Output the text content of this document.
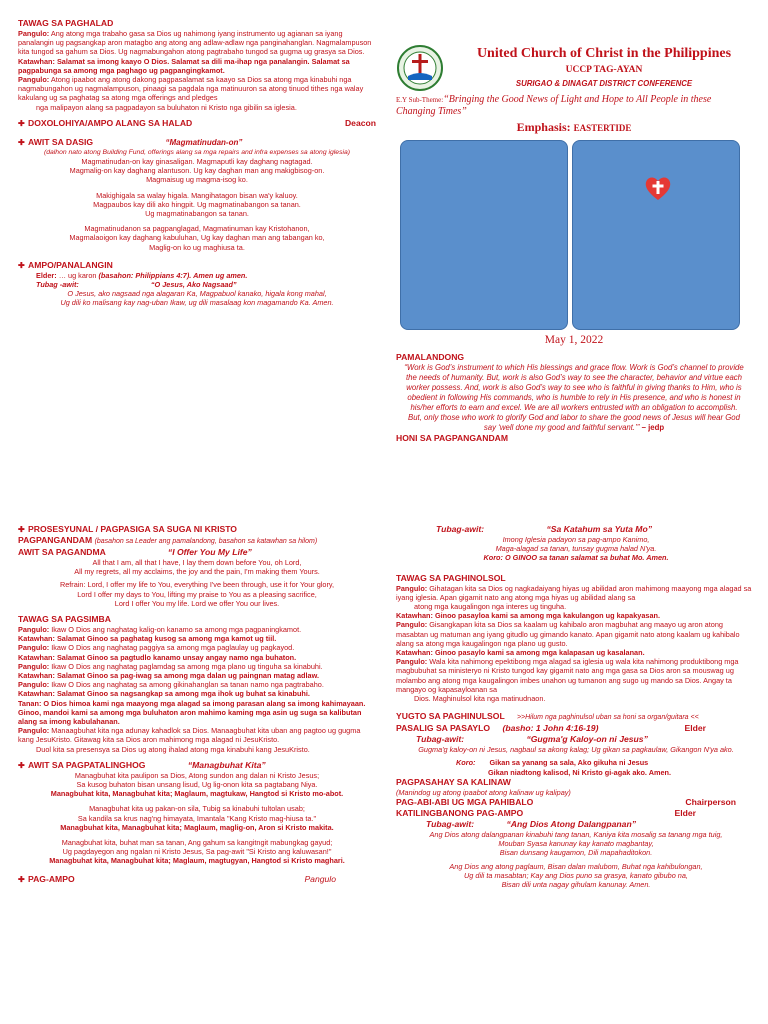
TAWAG SA PAGHALAD
Pangulo: Ang atong mga trabaho gasa sa Dios ug nahimong iyang instrumento ug agianan sa iyang panalangin ug pagsangkap aron matagbo ang atong ang adlaw-adlaw nga panginahanglan. Nagmalampuson kita tungod sa gahum sa Dios. Ug nagmabungahon atong pagtrabaho tungod sa gugma ug grasya sa Dios.
Katawhan: Salamat sa imong kaayo O Dios. Salamat sa dili ma-ihap nga panalangin. Salamat sa pagpabunga sa among mga paghago ug pagpangingkamot.
Pangulo: Atong ipaabot ang atong dakong pagpasalamat sa kaayo sa Dios sa atong mga kinabuhi nga nagmabungahon ug nagmalampuson, pinaagi sa pagdala nga matinuuron sa atong tinuod tithes nga walay kakulang ug sa paghatag sa atong mga offerings and pledges
nga malipayon alang sa pagpadayon sa buluhaton ni Kristo nga gibilin sa iglesia.
✚ DOXOLOHIYA/AMPO ALANG SA HALAD	Deacon
✚ AWIT SA DASIG	“Magmatinudan-on”
(dalhon nato atong Building Fund, offerings alang sa mga repairs and infra expenses sa atong iglesia)
Magmatinudan-on kay ginasaligan. Magmaputli kay daghang nagtagad.
Magmalig-on kay daghang alantuson. Ug kay daghan man ang makigbisog-on.
Magmaisug ug magma-isog ko.
Makighigala sa walay higala. Mangihatagon bisan wa'y kaluoy.
Magpaubos kay dili ako hingpit. Ug magmatinabangon sa tanan.
Ug magmatinabangon sa tanan.
Magmatinudanon sa pagpanglagad, Magmatinuman kay Kristohanon,
Magmalaoigon kay daghang kabuluhan, Ug kay daghan man ang tabangan ko,
Maglig-on ko ug maghiusa ta.
✚ AMPO/PANALANGIN
Elder: … ug karon (basahon: Philippians 4:7). Amen ug amen.
Tubag -awit:	“O Jesus, Ako Nagsaad”
O Jesus, ako nagsaad nga alagaran Ka, Magpabuol kanako, higala kong mahal,
Ug dili ko malisang kay nag-uban Ikaw, ug dili masalaag kon magamando Ka. Amen.
United Church of Christ in the Philippines
UCCP TAG-AYAN
SURIGAO & DINAGAT DISTRICT CONFERENCE
E.Y Sub-Theme:“Bringing the Good News of Light and Hope to All People in these Changing Times”
Emphasis: EASTERTIDE
May 1, 2022
PAMALANDONG
“Work is God’s instrument to which His blessings and grace flow. Work is God’s channel to provide the needs of humanity. But, work is also God’s way to see the character, behavior and virtue each worker possess. And, work is also God’s way to see who is faithful in giving thanks to Him, who is obedient in following His commands, who is humble to rely in His presence, and who is honest in his/her efforts to earn and excel. We are all workers entrusted with an obligation to accomplish. But, only those who work to glorify God and labor to share the good news of Jesus will hear God say ‘well done my good and faithful servant.’” – jedp
HONI SA PAGPANGANDAM
✚ PROSESYUNAL / PAGPASIGA SA SUGA NI KRISTO
PAGPANGANDAM (basahon sa Leader ang pamalandong, basahon sa katawhan sa hilom)
AWIT SA PAGANDMA	“I Offer You My Life”
All that I am, all that I have, I lay them down before You, oh Lord,
All my regrets, all my acclaims, the joy and the pain, I'm making them Yours.
Refrain: Lord, I offer my life to You, everything I've been through, use it for Your glory,
Lord I offer my days to You, lifting my praise to You as a pleasing sacrifice,
Lord I offer You my life. Lord we offer You our lives.
TAWAG SA PAGSIMBA
Pangulo: Ikaw O Dios ang naghatag kalig-on kanamo sa among mga pagpaningkamot.
Katawhan: Salamat Ginoo sa paghatag kusog sa among mga kamot ug tiil.
Pangulo: Ikaw O Dios ang naghatag paggiya sa among mga paglaulay ug pagkayod.
Katawhan: Salamat Ginoo sa pagtudlo kanamo unsay angay namo nga buhaton.
Pangulo: Ikaw O Dios ang naghatag paglamdag sa among mga plano ug tinguha sa kinabuhi.
Katawhan: Salamat Ginoo sa pag-iwag sa among mga dalan ug paingnan matag adlaw.
Pangulo: Ikaw O Dios ang naghatag sa among gikinahanglan sa tanan namo nga pagtrabaho.
Katawhan: Salamat Ginoo sa nagsangkap sa among mga ihok ug buhat sa kinabuhi.
Tanan: O Dios himoa kami nga maayong mga alagad sa imong parasan alang sa imong kahimayaan. Ginoo, mandoi kami sa among mga buluhaton aron mahimo kaming mga asin ug suga sa kalibutan alang sa imong kabulahanan.
Pangulo: Manaagbuhat kita nga adunay kahadlok sa Dios. Manaagbuhat kita uban ang pagtoo ug gugma kang JesuKristo. Gitawag kita sa Dios aron mahimong mga alagad ni JesuKristo.
Duol kita sa presensya sa Dios ug atong ihalad atong mga kinabuhi kang JesuKristo.
✚ AWIT SA PAGPATALINGHOG	“Managbuhat Kita”
Managbuhat kita paulipon sa Dios, Atong sundon ang dalan ni Kristo Jesus;
Sa kusog buhaton bisan unsang lisud, Ug lig-onon kita sa pagtabang Niya.
Managbuhat kita, Managbuhat kita; Maglaum, magtukaw, Hangtod si Kristo mo-abot.
Managbuhat kita ug pakan-on sila, Tubig sa kinabuhi tultolan usab;
Sa kandila sa krus nag'ng himayata, Imantala "Kang Kristo mag-hiusa ta."
Managbuhat kita, Managbuhat kita; Maglaum, maglig-on, Aron si Kristo makita.
Managbuhat kita, buhat man sa tanan, Ang gahum sa kangitngit mabungkag gayud;
Ug pagdayegon ang ngalan ni Kristo Jesus, Sa pag-awit "Si Kristo ang kaluwasan!"
Managbuhat kita, Managbuhat kita; Maglaum, magtugyan, Hangtod si Kristo maghari.
✚ PAG-AMPO	Pangulo
Tubag-awit:	“Sa Katahum sa Yuta Mo”
Imong Iglesia padayon sa pag-ampo Kanimo,
Maga-alagad sa tanan, tunsay gugma halad N'ya.
Koro: O GINOO sa tanan salamat sa buhat Mo. Amen.
TAWAG SA PAGHINOLSOL
Pangulo: Gihatagan kita sa Dios og nagkadaiyang hiyas ug abilidad aron mahimong maayong mga alagad sa iyang iglesia. Apan gigamit nato ang atong mga hiyas ug abilidad alang sa
atong mga kaugalingon nga interes ug tinguha.
Katawhan: Ginoo pasayloa kami sa among mga kakulangon ug kapakyasan.
Pangulo: Gisangkapan kita sa Dios sa kaalam ug kahibalo aron magbuhat ang maayo ug aron atong masabtan ug matuman ang iyang gitudlo ug gimando kanato. Apan gigamit nato atong kaalam ug kahibalo alang sa atong mga kaugalingon nga plano ug gusto.
Katawhan: Ginoo pasaylo kami sa among mga kalapasan ug kasalanan.
Pangulo: Wala kita nahimong epektibong mga alagad sa iglesia ug wala kita nahimong produktibong mga magbubuhat sa ministeryo ni Kristo tungod kay gigamit nato ang mga gasa sa Dios aron sa mouswag ug molambo ang atong mga kaugalingon imbes unahon ug tumanon ang sugo ug mando sa Dios. Angay ta mangayo og kapasayloanan sa
Dios. Maghinulsol kita nga matinudnaon.
YUGTO SA PAGHINULSOL >>Hilum nga paghinulsol uban sa honi sa organ/guitara <<
PASALIG SA PASAYLO (basho: 1 John 4:16-19)	Elder
Tubag-awit:	“Gugma'g Kaloy-on ni Jesus”
Gugma'g kaloy-on ni Jesus, nagbaul sa akong kalag; Ug gikan sa pagkaulaw, Gikangon N'ya ako.
Koro: Gikan sa yanang sa sala, Ako gikuha ni Jesus
Gikan niadtong kalisod, Ni Kristo gi-agak ako. Amen.
PAGPASAHAY SA KALINAW
(Manindog ug atong ipaabot atong kalinaw ug kalipay)
PAG-ABI-ABI UG MGA PAHIBALO	Chairperson
KATILINGBANONG PAG-AMPO	Elder
Tubag-awit:	“Ang Dios Atong Dalangpanan”
Ang Dios atong dalangpanan kinabuhi tang tanan, Kaniya kita mosalig sa tanang mga tuig,
Mouban Syasa kanunay kay kanato magbantay,
Bisan dunsang kaugamon, Dili mapahaditokon.
Ang Dios ang atong paglaum, Bisan dalan malubom, Buhat nga kahibulongan,
Ug dili ta masabtan; Kay ang Dios puno sa grasya, kanato gibubo na,
Bisan dili unta nagay gihulam kanunay. Amen.
